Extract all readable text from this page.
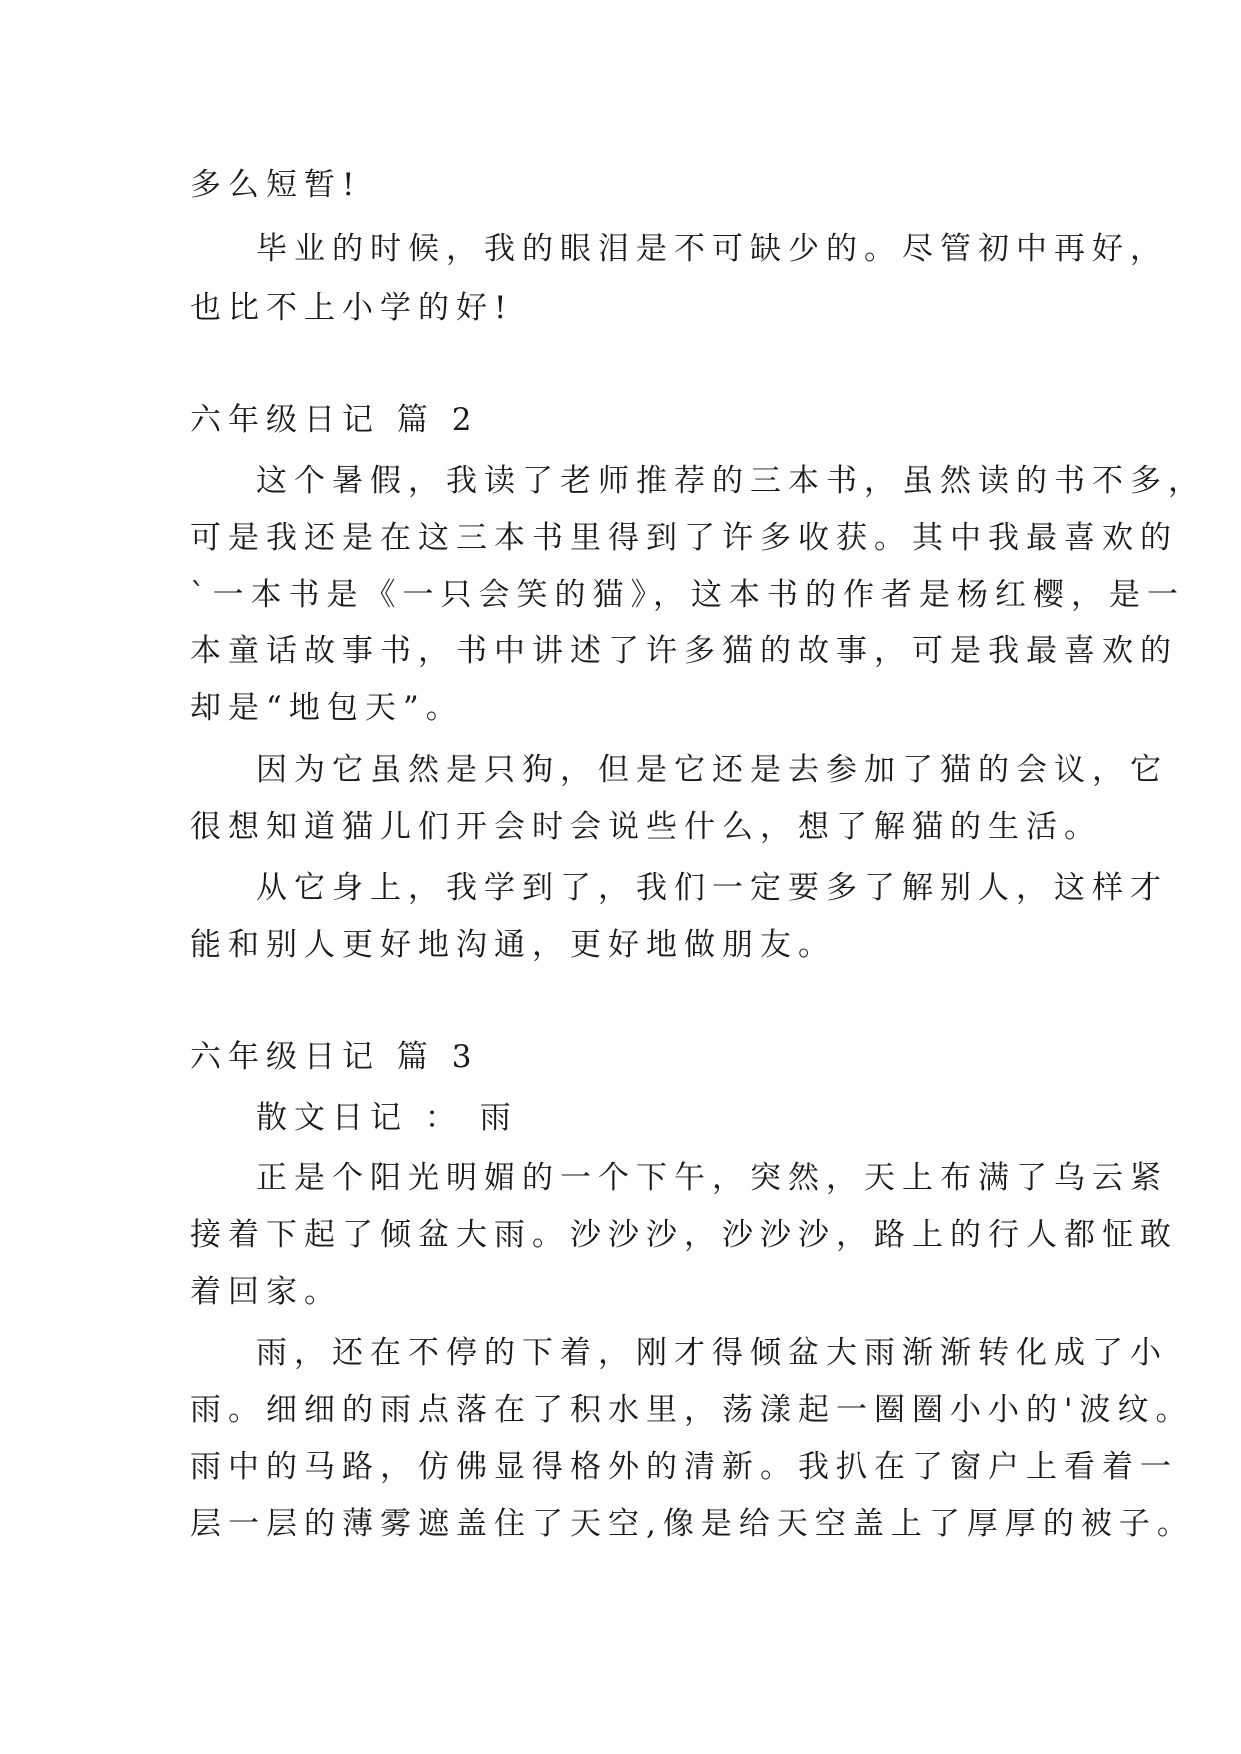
多么短暂!

毕业的时候，我的眼泪是不可缺少的。尽管初中再好，

也比不上小学的好!

六年级日记 篇 2

这个暑假，我读了老师推荐的三本书，虽然读的书不多，

可是我还是在这三本书里得到了许多收获。其中我最喜欢的

`一本书是《一只会笑的猫》，这本书的作者是杨红樱，是一

本童话故事书，书中讲述了许多猫的故事，可是我最喜欢的

却是“地包天”。

因为它虽然是只狗，但是它还是去参加了猫的会议，它

很想知道猫儿们开会时会说些什么，想了解猫的生活。

从它身上，我学到了，我们一定要多了解别人，这样才

能和别人更好地沟通，更好地做朋友。

六年级日记 篇 3

散文日记 ： 雨

正是个阳光明媚的一个下午，突然，天上布满了乌云紧

接着下起了倾盆大雨。沙沙沙，沙沙沙，路上的行人都怔敢

着回家。

雨，还在不停的下着，刚才得倾盆大雨渐渐转化成了小

雨。细细的雨点落在了积水里，荡漾起一圈圈小小的'波纹。

雨中的马路，仿佛显得格外的清新。我扒在了窗户上看着一

层一层的薄雾遮盖住了天空,像是给天空盖上了厚厚的被子。
